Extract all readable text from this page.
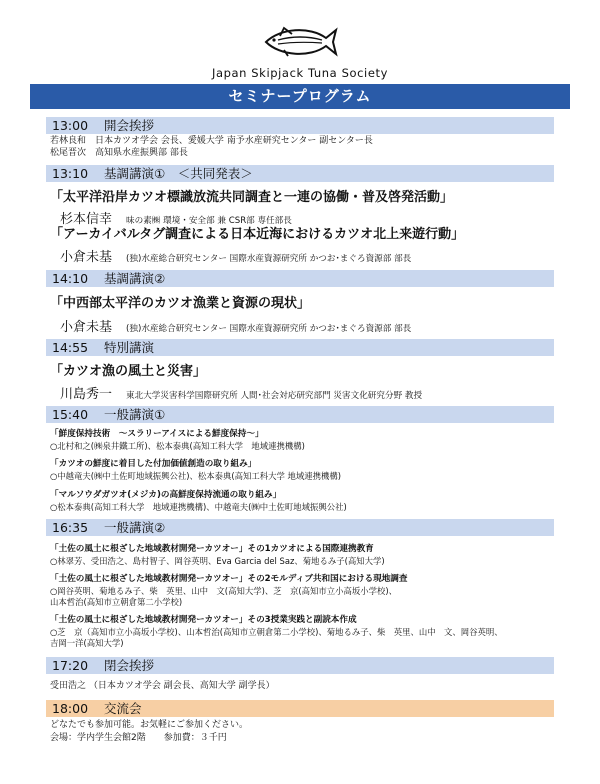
Japan Skipjack Tuna Society
セミナープログラム
13:00 開会挨拶
若林良和　日本カツオ学会 会長、愛媛大学 南予水産研究センター 副センター長
松尾晋次　高知県水産振興部 部長
13:10 基調講演①　＜共同発表＞
「太平洋沿岸カツオ標識放流共同調査と一連の協働・普及啓発活動」
杉本信幸 味の素㈱ 環境・安全部 兼 CSR部 専任部長
「アーカイバルタグ調査による日本近海におけるカツオ北上来遊行動」
小倉未基 (独)水産総合研究センター 国際水産資源研究所 かつお･まぐろ資源部 部長
14:10 基調講演②
「中西部太平洋のカツオ漁業と資源の現状」
小倉未基 (独)水産総合研究センター 国際水産資源研究所 かつお･まぐろ資源部 部長
14:55 特別講演
「カツオ漁の風土と災害」
川島秀一 東北大学災害科学国際研究所 人間･社会対応研究部門 災害文化研究分野 教授
15:40 一般講演①
「鮮度保持技術　～スラリーアイスによる鮮度保持～」
○北村和之(㈱泉井鐵工所)、松本泰典(高知工科大学　地域連携機構)
「カツオの鮮度に着目した付加価値創造の取り組み」
○中越竜夫(㈱中土佐町地域振興公社)、松本泰典(高知工科大学 地域連携機構)
「マルソウダガツオ(メジカ)の高鮮度保持流通の取り組み」
○松本泰典(高知工科大学　地域連携機構)、中越竜夫(㈱中土佐町地域振興公社)
16:35 一般講演②
「土佐の風土に根ざした地域教材開発ーカツオー」その1カツオによる国際連携教育
○林翠芳、受田浩之、島村智子、岡谷英明、Eva Garcia del Saz、菊地るみ子(高知大学)
「土佐の風土に根ざした地域教材開発ーカツオー」その2モルディブ共和国における現地調査
○岡谷英明、菊地るみ子、柴　英里、山中　文(高知大学)、芝　京(高知市立小高坂小学校)、
山本哲治(高知市立朝倉第二小学校)
「土佐の風土に根ざした地域教材開発ーカツオー」その3授業実践と副読本作成
○芝　京（高知市立小高坂小学校)、山本哲治(高知市立朝倉第二小学校)、菊地るみ子、柴　英里、山中　文、岡谷英明、
吉岡一洋(高知大学)
17:20 閉会挨拶
受田浩之 （日本カツオ学会 副会長、高知大学 副学長）
18:00 交流会
どなたでも参加可能。お気軽にご参加ください。
会場：学内学生会館2階　　参加費：３千円
